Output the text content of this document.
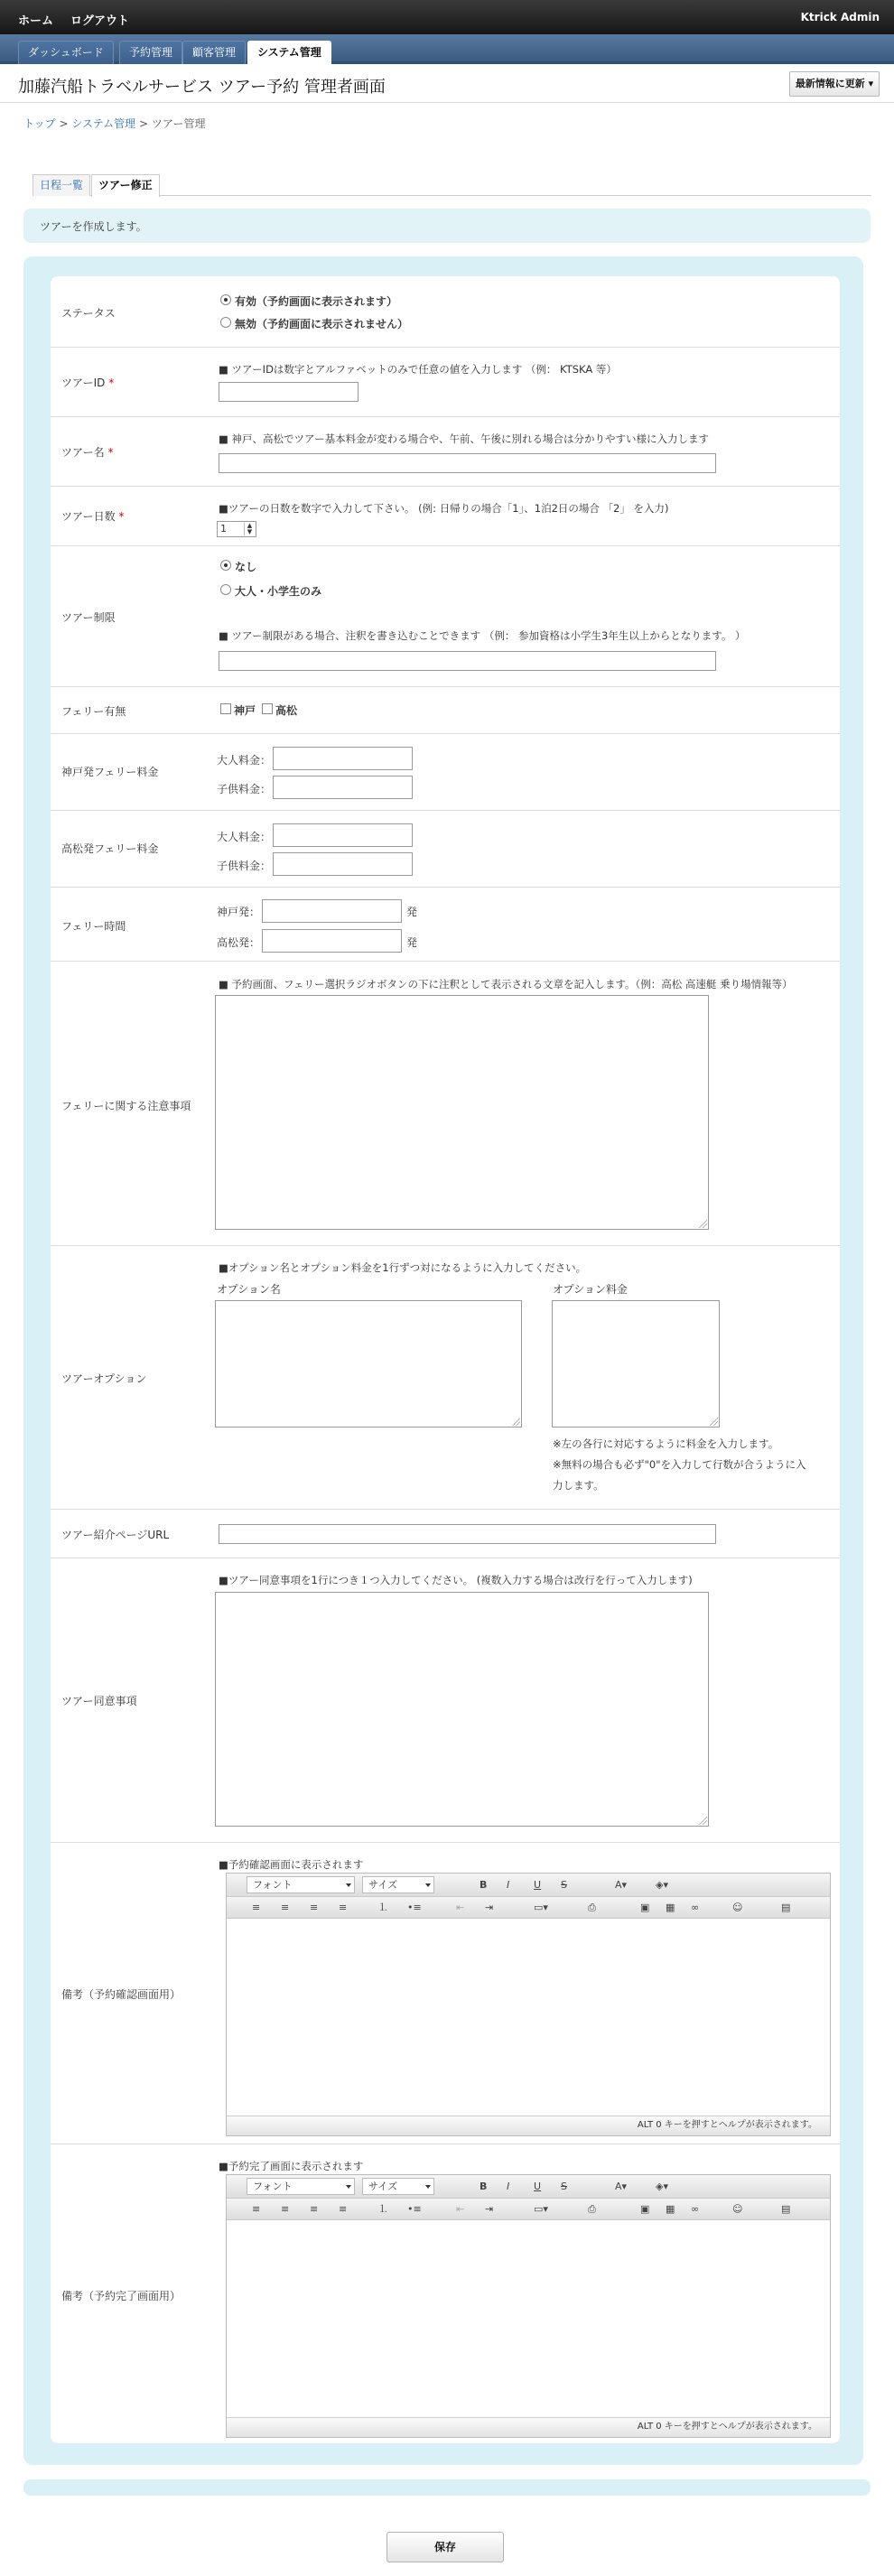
ホーム ログアウト	Ktrick Admin
ダッシュボード	予約管理	顧客管理	システム管理
加藤汽船トラベルサービス ツアー予約 管理者画面	最新情報に更新 ▾
トップ > システム管理 > ツアー管理
日程一覧	ツアー修正
ツアーを作成します。
ステータス
有効（予約画面に表示されます）
無効（予約画面に表示されません）
ツアーID *
■ ツアーIDは数字とアルファベットのみで任意の値を入力します （例： KTSKA 等）
ツアー名 *
■ 神戸、高松でツアー基本料金が変わる場合や、午前、午後に別れる場合は分かりやすい様に入力します
ツアー日数 *
■ツアーの日数を数字で入力して下さい。 (例: 日帰りの場合「1」、1泊2日の場合 「2」 を入力)
1	▲
▼
ツアー制限
なし
大人・小学生のみ
■ ツアー制限がある場合、注釈を書き込むことできます （例： 参加資格は小学生3年生以上からとなります。 ）
フェリー有無	神戸 高松
神戸発フェリー料金
大人料金：
子供料金：
高松発フェリー料金
大人料金：
子供料金：
フェリー時間
神戸発：	発
高松発：	発
フェリーに関する注意事項
■ 予約画面、フェリー選択ラジオボタンの下に注釈として表示される文章を記入します。（例：高松 高速艇 乗り場情報等）
ツアーオプション
■オプション名とオプション料金を1行ずつ対になるように入力してください。
オプション名	オプション料金
※左の各行に対応するように料金を入力します。
※無料の場合も必ず"0"を入力して行数が合うように入
力します。
ツアー紹介ページURL
ツアー同意事項
■ツアー同意事項を1行につき１つ入力してください。 (複数入力する場合は改行を行って入力します)
備考（予約確認画面用）
■予約確認画面に表示されます
フォント	サイズ	B I U S	A▾	◈▾
≡ ≡ ≡ ≡	⒈ •≡	⇤ ⇥	▭▾	⎙	▣ ▦ ∞	☺	▤
ALT 0 キーを押すとヘルプが表示されます。
備考（予約完了画面用）
■予約完了画面に表示されます
フォント	サイズ	B I U S	A▾	◈▾
≡ ≡ ≡ ≡	⒈ •≡	⇤ ⇥	▭▾	⎙	▣ ▦ ∞	☺	▤
ALT 0 キーを押すとヘルプが表示されます。
保存
